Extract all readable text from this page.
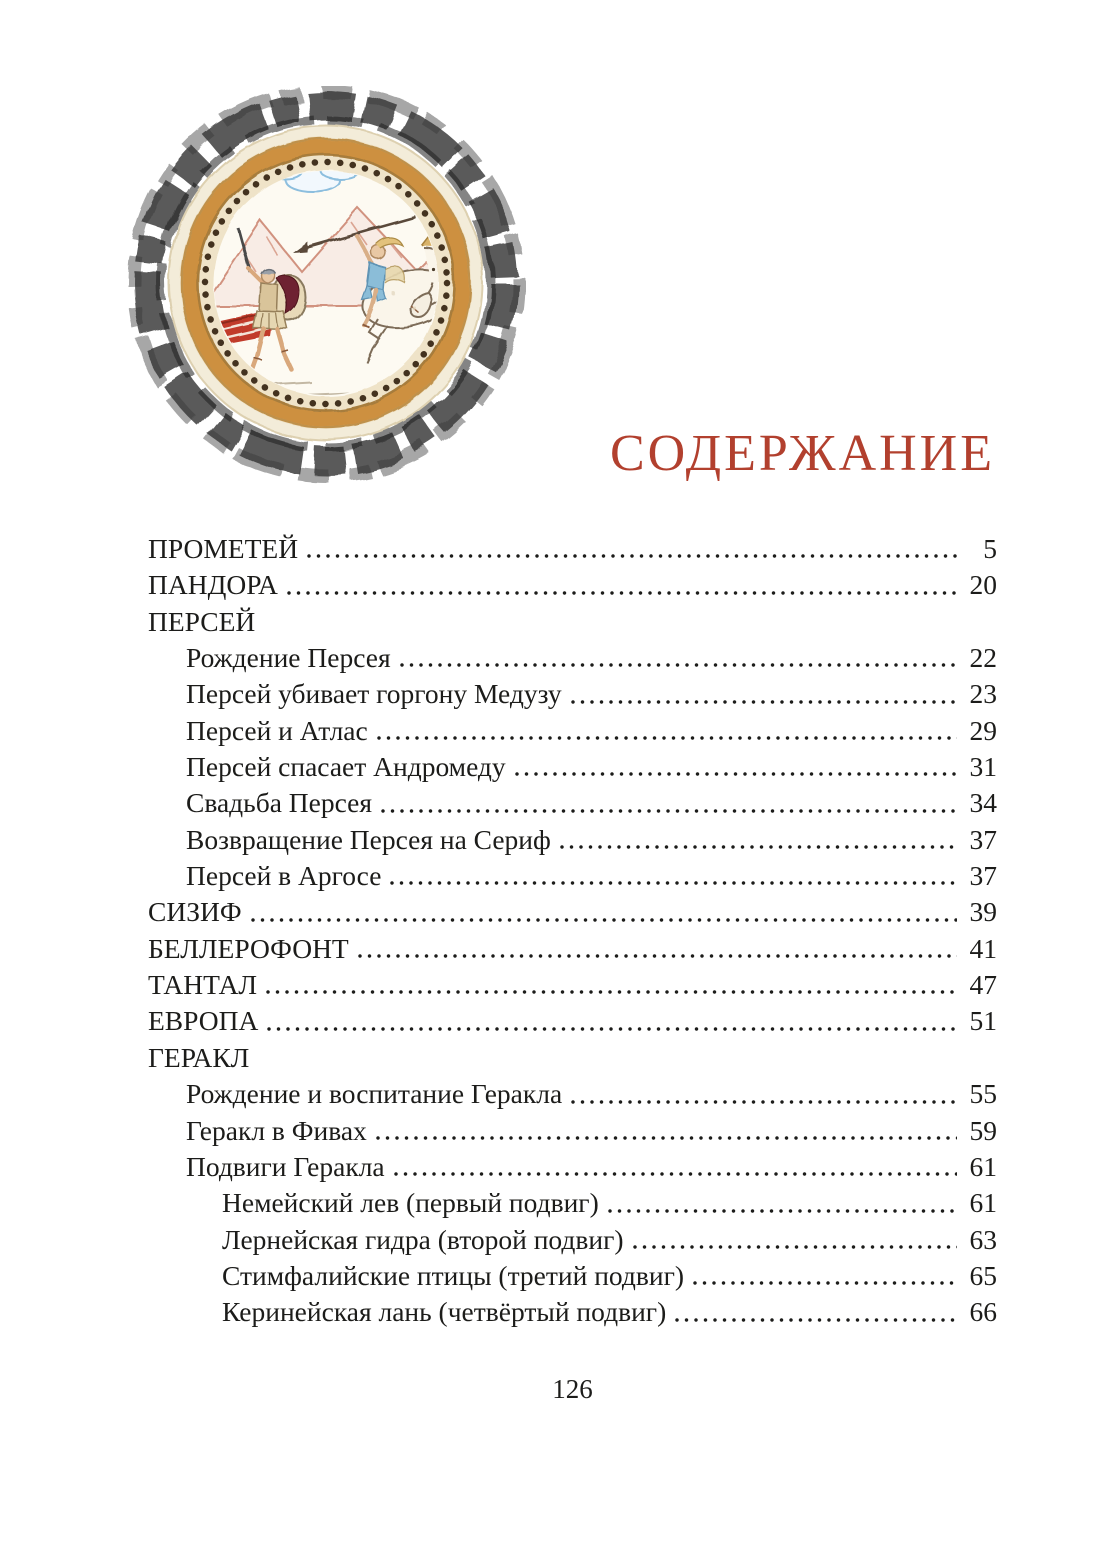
СОДЕРЖАНИЕ
ПРОМЕТЕЙ	5
ПАНДОРА	20
ПЕРСЕЙ
Рождение Персея	22
Персей убивает горгону Медузу	23
Персей и Атлас	29
Персей спасает Андромеду	31
Свадьба Персея	34
Возвращение Персея на Сериф	37
Персей в Аргосе	37
СИЗИФ	39
БЕЛЛЕРОФОНТ	41
ТАНТАЛ	47
ЕВРОПА	51
ГЕРАКЛ
Рождение и воспитание Геракла	55
Геракл в Фивах	59
Подвиги Геракла	61
Немейский лев (первый подвиг)	61
Лернейская гидра (второй подвиг)	63
Стимфалийские птицы (третий подвиг)	65
Керинейская лань (четвёртый подвиг)	66
126
